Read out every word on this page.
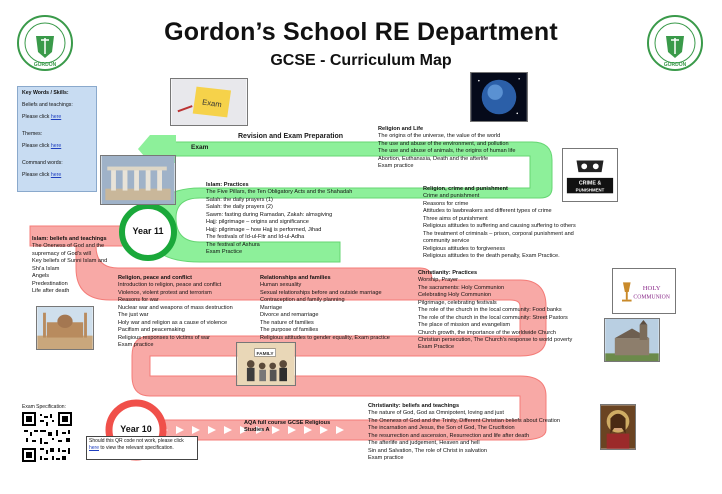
Gordon’s School RE Department
GCSE - Curriculum Map
GORDON	GORDON
Key Words / Skills:
Beliefs and teachings:
Please click here
Themes:
Please click here
Command words:
Please click here
Year 11
Year 10
Exam
Revision and Exam Preparation
AQA full course GCSE Religious
Studies A
Religion and Life
The origins of the universe, the value of the world
The use and abuse of the environment, and pollution
The use and abuse of animals, the origins of human life
Abortion, Euthanasia, Death and the afterlife
Exam practice
Islam: Practices
The Five Pillars, the Ten Obligatory Acts and the Shahadah
Salah: the daily prayers (1)
Salah: the daily prayers (2)
Sawm: fasting during Ramadan, Zakah: almsgiving
Hajj: pilgrimage – origins and significance
Hajj: pilgrimage – how Hajj is performed, Jihad
The festivals of Id-ul-Fitr and Id-ul-Adha
The festival of Ashura
Exam Practice
Religion, crime and punishment
Crime and punishment
Reasons for crime
Attitudes to lawbreakers and different types of crime
Three aims of punishment
Religious attitudes to suffering and causing suffering to others
The treatment of criminals – prison, corporal punishment and
community service
Religious attitudes to forgiveness
Religious attitudes to the death penalty, Exam Practice.
Islam: beliefs and teachings
The Oneness of God and the
supremacy of God’s will
Key beliefs of Sunni Islam and
Shi’a Islam
Angels
Predestination
Life after death
Religion, peace and conflict
Introduction to religion, peace and conflict
Violence, violent protest and terrorism
Reasons for war
Nuclear war and weapons of mass destruction
The just war
Holy war and religion as a cause of violence
Pacifism and peacemaking
Religious responses to victims of war
Exam practice
Relationships and families
Human sexuality
Sexual relationships before and outside marriage
Contraception and family planning
Marriage
Divorce and remarriage
The nature of families
The purpose of families
Religious attitudes to gender equality, Exam practice
Christianity: Practices
Worship, Prayer
The sacraments: Holy Communion
Celebrating Holy Communion
Pilgrimage, celebrating festivals
The role of the church in the local community: Food banks
The role of the church in the local community: Street Pastors
The place of mission and evangelism
Church growth, the importance of the worldwide Church
Christian persecution, The Church’s response to world poverty
Exam Practice
Christianity: beliefs and teachings
The nature of God, God as Omnipotent, loving and just
The Oneness of God and the Trinity, Different Christian beliefs about Creation
The incarnation and Jesus, the Son of God, The Crucifixion
The resurrection and ascension, Resurrection and life after death
The afterlife and judgement, Heaven and hell
Sin and Salvation, The role of Christ in salvation
Exam practice
Exam
CRIME &
PUNISHMENT
FAMILY
HOLY
COMMUNION
Exam Specification:
Should this QR code not work, please click here to view the relevant specification.
